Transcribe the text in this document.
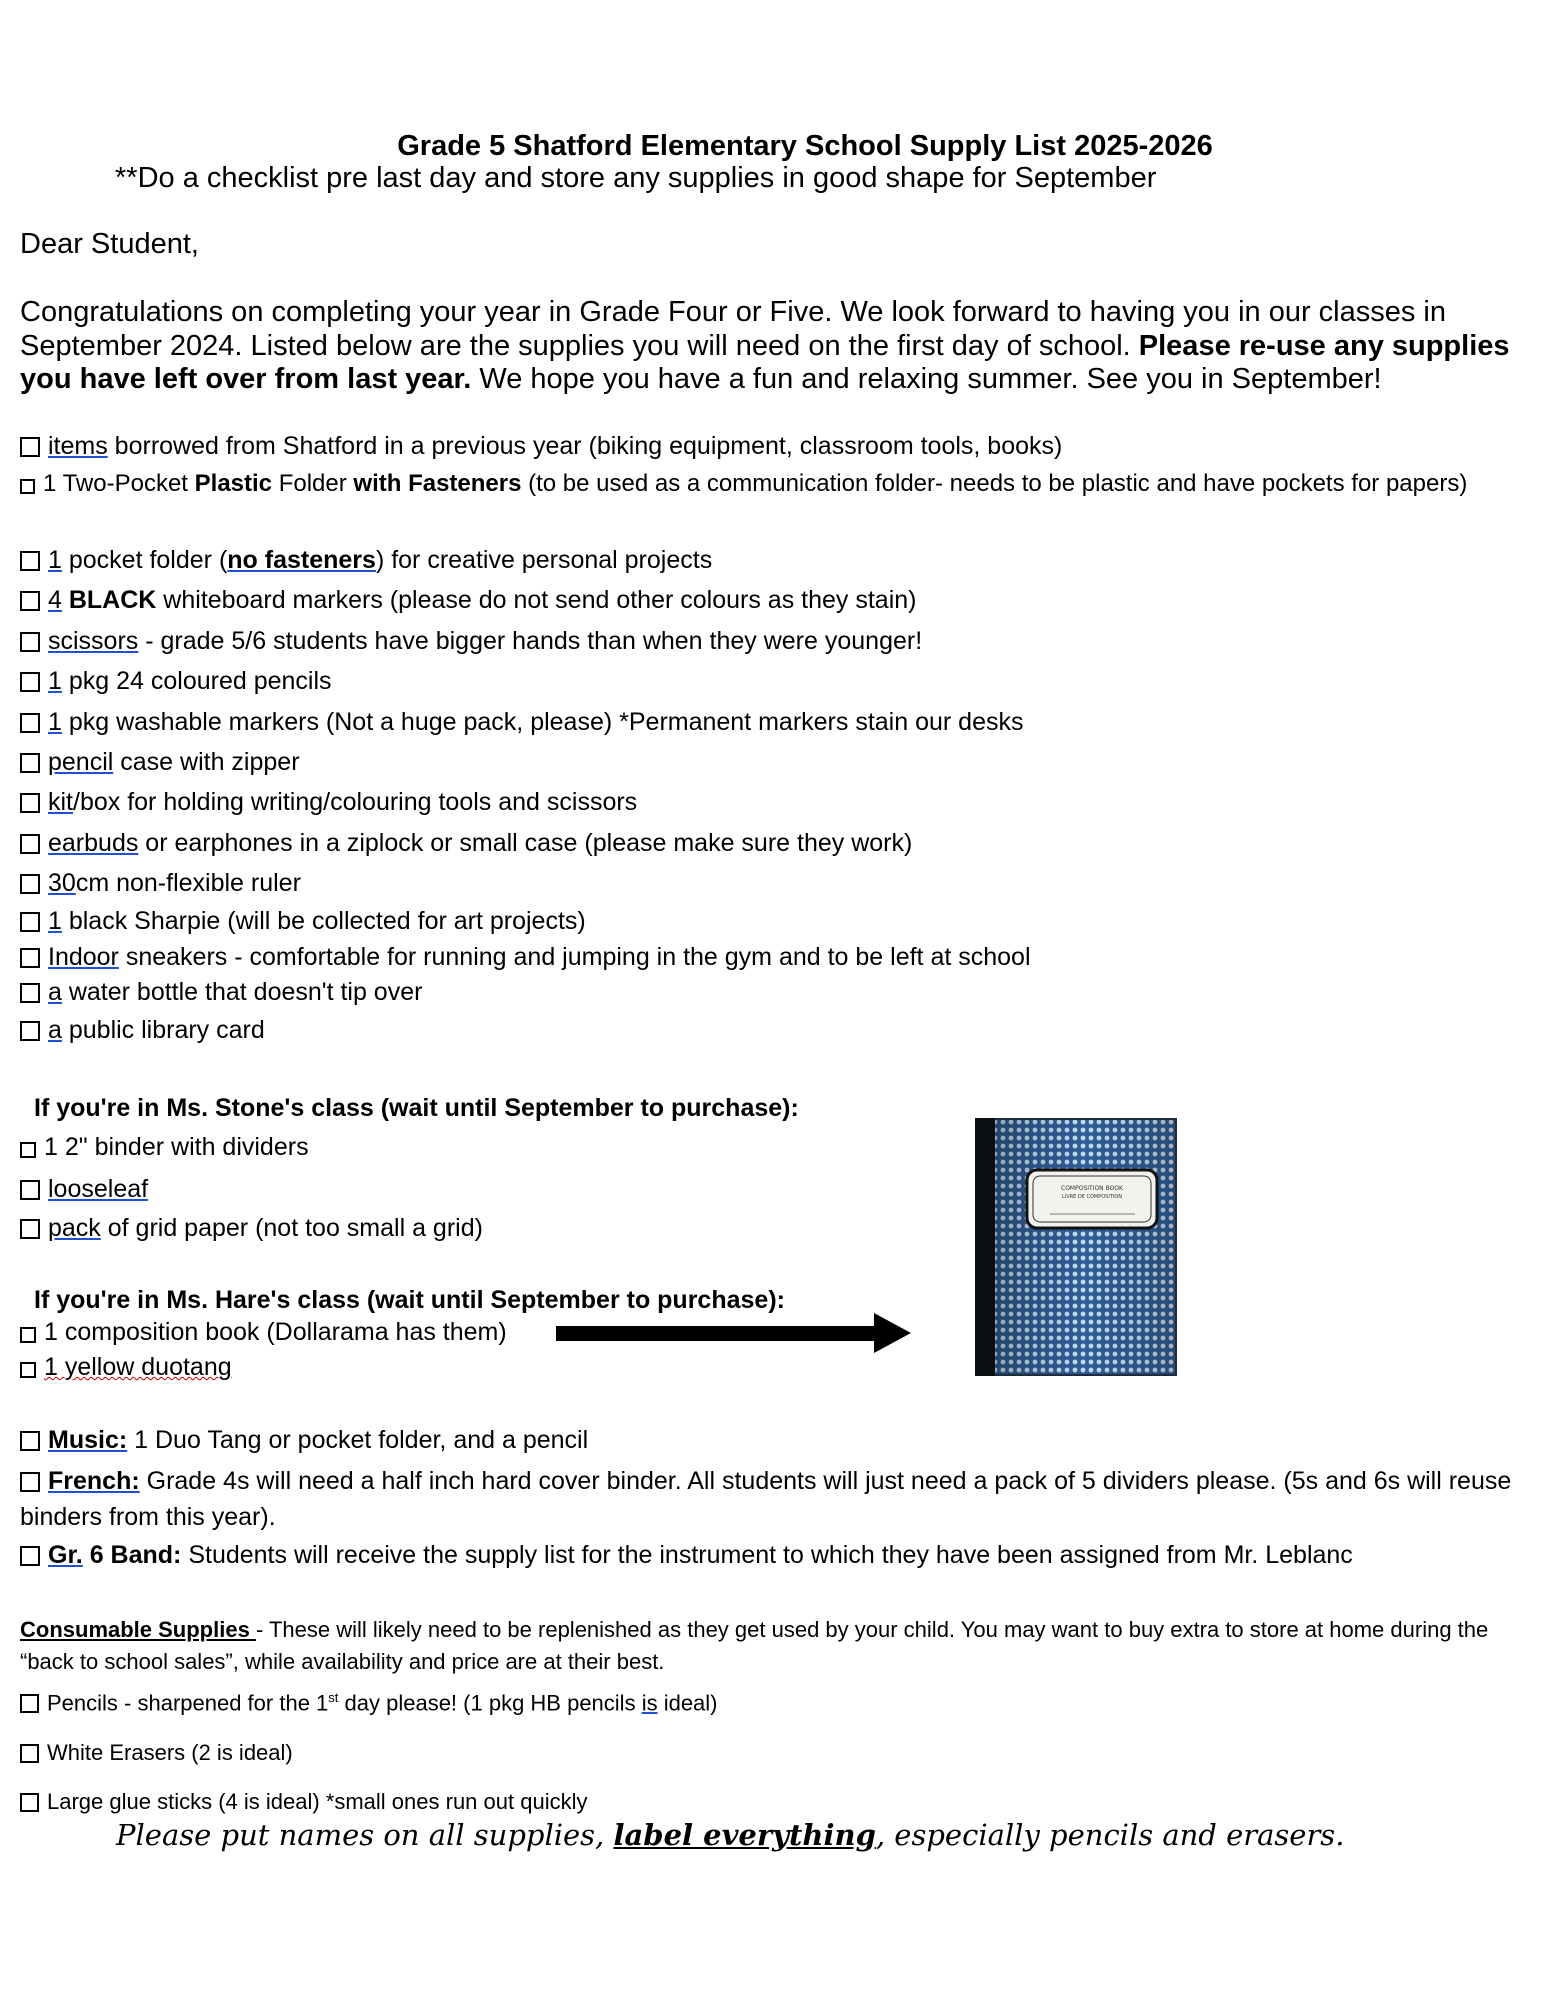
Grade 5 Shatford Elementary School Supply List 2025-2026
**Do a checklist pre last day and store any supplies in good shape for September
Dear Student,
Congratulations on completing your year in Grade Four or Five. We look forward to having you in our classes in September 2024. Listed below are the supplies you will need on the first day of school. Please re-use any supplies you have left over from last year. We hope you have a fun and relaxing summer. See you in September!
items borrowed from Shatford in a previous year (biking equipment, classroom tools, books)
1 Two-Pocket Plastic Folder with Fasteners (to be used as a communication folder- needs to be plastic and have pockets for papers)
1 pocket folder (no fasteners) for creative personal projects
4 BLACK whiteboard markers (please do not send other colours as they stain)
scissors - grade 5/6 students have bigger hands than when they were younger!
1 pkg 24 coloured pencils
1 pkg washable markers (Not a huge pack, please) *Permanent markers stain our desks
pencil case with zipper
kit/box for holding writing/colouring tools and scissors
earbuds or earphones in a ziplock or small case (please make sure they work)
30cm non-flexible ruler
1 black Sharpie (will be collected for art projects)
Indoor sneakers - comfortable for running and jumping in the gym and to be left at school
a water bottle that doesn't tip over
a public library card
If you're in Ms. Stone's class (wait until September to purchase):
1 2" binder with dividers
looseleaf
pack of grid paper (not too small a grid)
If you're in Ms. Hare's class (wait until September to purchase):
1 composition book (Dollarama has them)
1 yellow duotang
COMPOSITION BOOK
LIVRE DE COMPOSITION
Music: 1 Duo Tang or pocket folder, and a pencil
French: Grade 4s will need a half inch hard cover binder. All students will just need a pack of 5 dividers please. (5s and 6s will reuse binders from this year).
Gr. 6 Band: Students will receive the supply list for the instrument to which they have been assigned from Mr. Leblanc
Consumable Supplies - These will likely need to be replenished as they get used by your child. You may want to buy extra to store at home during the “back to school sales”, while availability and price are at their best.
Pencils - sharpened for the 1st day please! (1 pkg HB pencils is ideal)
White Erasers (2 is ideal)
Large glue sticks (4 is ideal) *small ones run out quickly
Please put names on all supplies, label everything, especially pencils and erasers.
